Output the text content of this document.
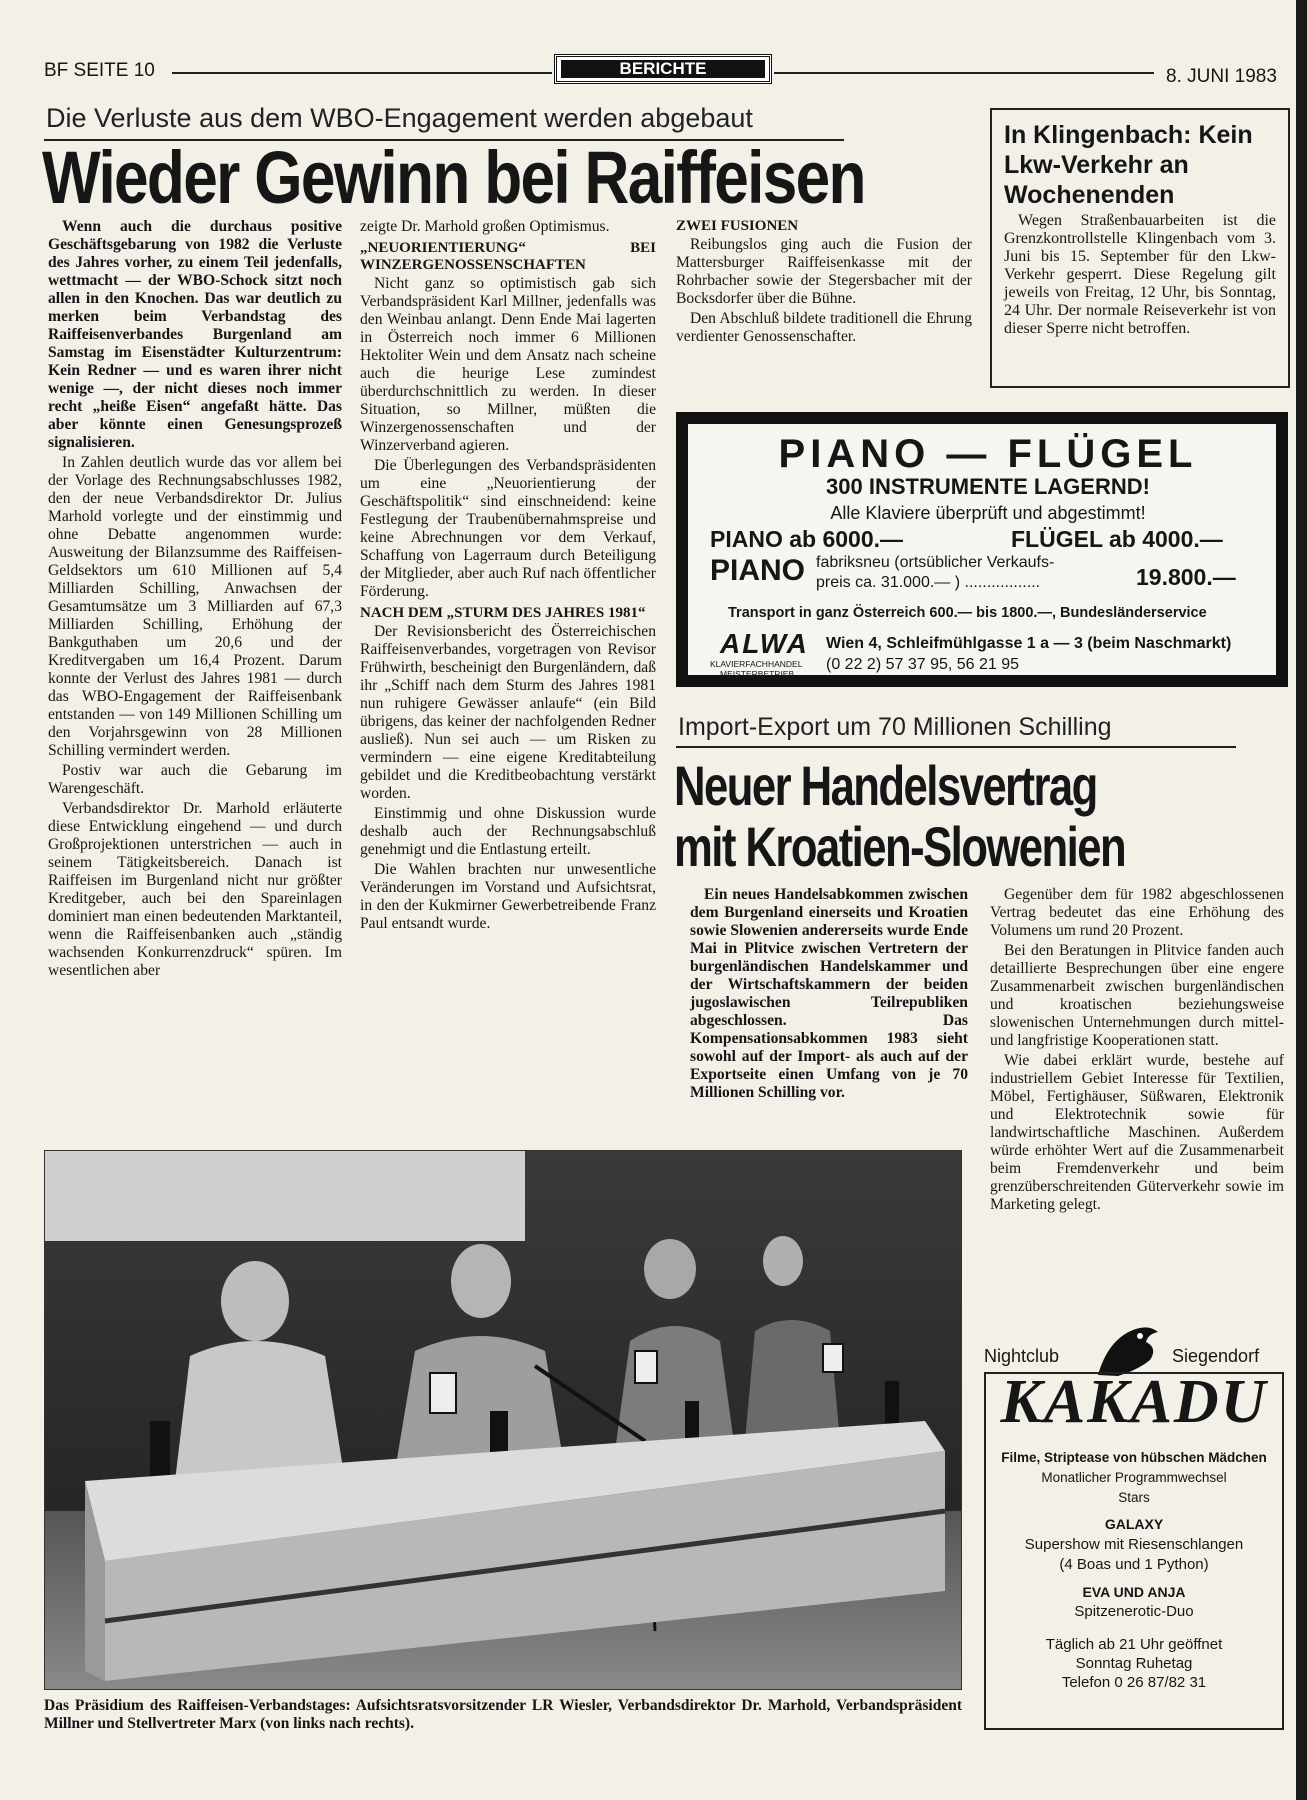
BF SEITE 10	BERICHTE	8. JUNI 1983
Die Verluste aus dem WBO-Engagement werden abgebaut
Wieder Gewinn bei Raiffeisen

Wenn auch die durchaus positive Geschäftsgebarung von 1982 die Verluste des Jahres vorher, zu einem Teil jedenfalls, wettmacht — der WBO-Schock sitzt noch allen in den Knochen. Das war deutlich zu merken beim Verbandstag des Raiffeisenverbandes Burgenland am Samstag im Eisenstädter Kulturzentrum: Kein Redner — und es waren ihrer nicht wenige —, der nicht dieses noch immer recht „heiße Eisen“ angefaßt hätte. Das aber könnte einen Genesungsprozeß signalisieren.

In Zahlen deutlich wurde das vor allem bei der Vorlage des Rechnungsabschlusses 1982, den der neue Verbandsdirektor Dr. Julius Marhold vorlegte und der einstimmig und ohne Debatte angenommen wurde: Ausweitung der Bilanzsumme des Raiffeisen-Geldsektors um 610 Millionen auf 5,4 Milliarden Schilling, Anwachsen der Gesamtumsätze um 3 Milliarden auf 67,3 Milliarden Schilling, Erhöhung der Bankguthaben um 20,6 und der Kreditvergaben um 16,4 Prozent. Darum konnte der Verlust des Jahres 1981 — durch das WBO-Engagement der Raiffeisenbank entstanden — von 149 Millionen Schilling um den Vorjahrsgewinn von 28 Millionen Schilling vermindert werden.

Postiv war auch die Gebarung im Warengeschäft.

Verbandsdirektor Dr. Marhold erläuterte diese Entwicklung eingehend — und durch Großprojektionen unterstrichen — auch in seinem Tätigkeitsbereich. Danach ist Raiffeisen im Burgenland nicht nur größter Kreditgeber, auch bei den Spareinlagen dominiert man einen bedeutenden Marktanteil, wenn die Raiffeisenbanken auch „ständig wachsenden Konkurrenzdruck“ spüren. Im wesentlichen aber

zeigte Dr. Marhold großen Optimismus.

„NEUORIENTIERUNG“ BEI WINZERGENOSSENSCHAFTEN

Nicht ganz so optimistisch gab sich Verbandspräsident Karl Millner, jedenfalls was den Weinbau anlangt. Denn Ende Mai lagerten in Österreich noch immer 6 Millionen Hektoliter Wein und dem Ansatz nach scheine auch die heurige Lese zumindest überdurchschnittlich zu werden. In dieser Situation, so Millner, müßten die Winzergenossenschaften und der Winzerverband agieren.

Die Überlegungen des Verbandspräsidenten um eine „Neuorientierung der Geschäftspolitik“ sind einschneidend: keine Festlegung der Traubenübernahmspreise und keine Abrechnungen vor dem Verkauf, Schaffung von Lagerraum durch Beteiligung der Mitglieder, aber auch Ruf nach öffentlicher Förderung.

NACH DEM „STURM DES JAHRES 1981“

Der Revisionsbericht des Österreichischen Raiffeisenverbandes, vorgetragen von Revisor Frühwirth, bescheinigt den Burgenländern, daß ihr „Schiff nach dem Sturm des Jahres 1981 nun ruhigere Gewässer anlaufe“ (ein Bild übrigens, das keiner der nachfolgenden Redner ausließ). Nun sei auch — um Risken zu vermindern — eine eigene Kreditabteilung gebildet und die Kreditbeobachtung verstärkt worden.

Einstimmig und ohne Diskussion wurde deshalb auch der Rechnungsabschluß genehmigt und die Entlastung erteilt.

Die Wahlen brachten nur unwesentliche Veränderungen im Vorstand und Aufsichtsrat, in den der Kukmirner Gewerbetreibende Franz Paul entsandt wurde.

ZWEI FUSIONEN

Reibungslos ging auch die Fusion der Mattersburger Raiffeisenkasse mit der Rohrbacher sowie der Stegersbacher mit der Bocksdorfer über die Bühne.

Den Abschluß bildete traditionell die Ehrung verdienter Genossenschafter.

In Klingenbach: Kein Lkw-Verkehr an Wochenenden
Wegen Straßenbauarbeiten ist die Grenzkontrollstelle Klingenbach vom 3. Juni bis 15. September für den Lkw-Verkehr gesperrt. Diese Regelung gilt jeweils von Freitag, 12 Uhr, bis Sonntag, 24 Uhr. Der normale Reiseverkehr ist von dieser Sperre nicht betroffen.
PIANO — FLÜGEL
300 INSTRUMENTE LAGERND!
Alle Klaviere überprüft und abgestimmt!
PIANO ab 6000.—	FLÜGEL ab 4000.—
PIANO fabriksneu (ortsüblicher Verkaufs-
preis ca. 31.000.— ) .................	19.800.—
Transport in ganz Österreich 600.— bis 1800.—, Bundesländerservice
ALWA
KLAVIERFACHHANDEL
MEISTERBETRIEB
Wien 4, Schleifmühlgasse 1 a — 3 (beim Naschmarkt)
(0 22 2) 57 37 95, 56 21 95
Import-Export um 70 Millionen Schilling
Neuer Handelsvertrag
mit Kroatien-Slowenien

Ein neues Handelsabkommen zwischen dem Burgenland einerseits und Kroatien sowie Slowenien andererseits wurde Ende Mai in Plitvice zwischen Vertretern der burgenländischen Handelskammer und der Wirtschaftskammern der beiden jugoslawischen Teilrepubliken abgeschlossen. Das Kompensationsabkommen 1983 sieht sowohl auf der Import- als auch auf der Exportseite einen Umfang von je 70 Millionen Schilling vor.

Gegenüber dem für 1982 abgeschlossenen Vertrag bedeutet das eine Erhöhung des Volumens um rund 20 Prozent.

Bei den Beratungen in Plitvice fanden auch detaillierte Besprechungen über eine engere Zusammenarbeit zwischen burgenländischen und kroatischen beziehungsweise slowenischen Unternehmungen durch mittel- und langfristige Kooperationen statt.

Wie dabei erklärt wurde, bestehe auf industriellem Gebiet Interesse für Textilien, Möbel, Fertighäuser, Süßwaren, Elektronik und Elektrotechnik sowie für landwirtschaftliche Maschinen. Außerdem würde erhöhter Wert auf die Zusammenarbeit beim Fremdenverkehr und beim grenzüberschreitenden Güterverkehr sowie im Marketing gelegt.

Das Präsidium des Raiffeisen-Verbandstages: Aufsichtsratsvorsitzender LR Wiesler, Verbandsdirektor Dr. Marhold, Verbandspräsident Millner und Stellvertreter Marx (von links nach rechts).
Nightclub	Siegendorf
KAKADU
Filme, Striptease von hübschen Mädchen
Monatlicher Programmwechsel
Stars
GALAXY
Supershow mit Riesenschlangen
(4 Boas und 1 Python)
EVA UND ANJA
Spitzenerotic-Duo
Täglich ab 21 Uhr geöffnet
Sonntag Ruhetag
Telefon 0 26 87/82 31
